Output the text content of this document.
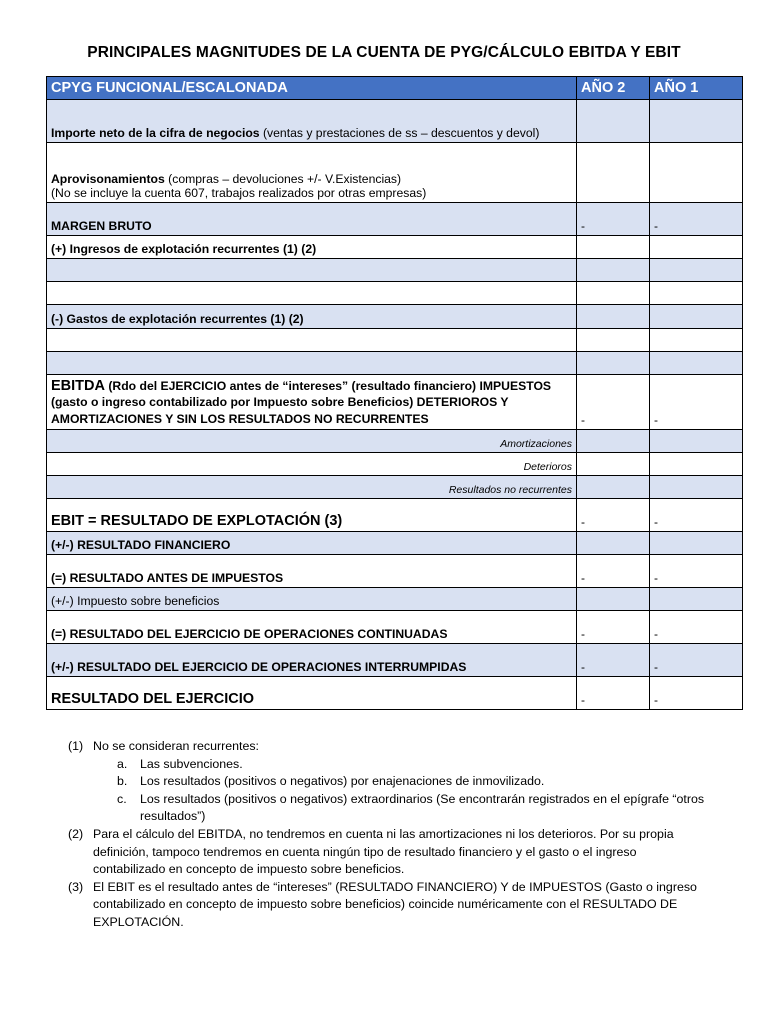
PRINCIPALES MAGNITUDES DE LA CUENTA DE PYG/CÁLCULO EBITDA Y EBIT
CPYG FUNCIONAL/ESCALONADA	AÑO 2	AÑO 1
Importe neto de la cifra de negocios (ventas y prestaciones de ss – descuentos y devol)		
Aprovisonamientos (compras – devoluciones +/- V.Existencias)
(No se incluye la cuenta 607, trabajos realizados por otras empresas)		
MARGEN BRUTO	-	-
(+) Ingresos de explotación recurrentes (1) (2)		

(-) Gastos de explotación recurrentes (1) (2)		

EBITDA (Rdo del EJERCICIO antes de “intereses” (resultado financiero) IMPUESTOS (gasto o ingreso contabilizado por Impuesto sobre Beneficios) DETERIOROS Y AMORTIZACIONES Y SIN LOS RESULTADOS NO RECURRENTES	-	-
Amortizaciones		
Deterioros		
Resultados no recurrentes		
EBIT = RESULTADO DE EXPLOTACIÓN (3)	-	-
(+/-) RESULTADO FINANCIERO		
(=) RESULTADO ANTES DE IMPUESTOS	-	-
(+/-) Impuesto sobre beneficios		
(=) RESULTADO DEL EJERCICIO DE OPERACIONES CONTINUADAS	-	-
(+/-) RESULTADO DEL EJERCICIO DE OPERACIONES INTERRUMPIDAS	-	-
RESULTADO DEL EJERCICIO	-	-
(1) No se consideran recurrentes:
a. Las subvenciones.
b. Los resultados (positivos o negativos) por enajenaciones de inmovilizado.
c. Los resultados (positivos o negativos) extraordinarios (Se encontrarán registrados en el epígrafe “otros resultados”)
(2) Para el cálculo del EBITDA, no tendremos en cuenta ni las amortizaciones ni los deterioros. Por su propia definición, tampoco tendremos en cuenta ningún tipo de resultado financiero y el gasto o el ingreso contabilizado en concepto de impuesto sobre beneficios.
(3) El EBIT es el resultado antes de “intereses” (RESULTADO FINANCIERO) Y de IMPUESTOS (Gasto o ingreso contabilizado en concepto de impuesto sobre beneficios) coincide numéricamente con el RESULTADO DE EXPLOTACIÓN.
